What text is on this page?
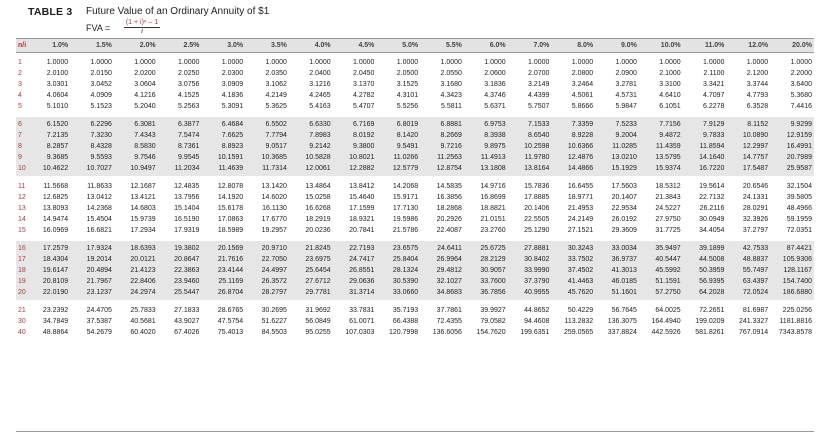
TABLE 3 Future Value of an Ordinary Annuity of $1
FVA =
(1 + i)ⁿ – 1
i
n/i	1.0%	1.5%	2.0%	2.5%	3.0%	3.5%	4.0%	4.5%	5.0%	5.5%	6.0%	7.0%	8.0%	9.0%	10.0%	11.0%	12.0%	20.0%

1	1.0000	1.0000	1.0000	1.0000	1.0000	1.0000	1.0000	1.0000	1.0000	1.0000	1.0000	1.0000	1.0000	1.0000	1.0000	1.0000	1.0000	1.0000
2	2.0100	2.0150	2.0200	2.0250	2.0300	2.0350	2.0400	2.0450	2.0500	2.0550	2.0600	2.0700	2.0800	2.0900	2.1000	2.1100	2.1200	2.2000
3	3.0301	3.0452	3.0604	3.0756	3.0909	3.1062	3.1216	3.1370	3.1525	3.1680	3.1836	3.2149	3.2464	3.2781	3.3100	3.3421	3.3744	3.6400
4	4.0604	4.0909	4.1216	4.1525	4.1836	4.2149	4.2465	4.2782	4.3101	4.3423	4.3746	4.4399	4.5061	4.5731	4.6410	4.7097	4.7793	5.3680
5	5.1010	5.1523	5.2040	5.2563	5.3091	5.3625	5.4163	5.4707	5.5256	5.5811	5.6371	5.7507	5.8666	5.9847	6.1051	6.2278	6.3528	7.4416

6	6.1520	6.2296	6.3081	6.3877	6.4684	6.5502	6.6330	6.7169	6.8019	6.8881	6.9753	7.1533	7.3359	7.5233	7.7156	7.9129	8.1152	9.9299
7	7.2135	7.3230	7.4343	7.5474	7.6625	7.7794	7.8983	8.0192	8.1420	8.2669	8.3938	8.6540	8.9228	9.2004	9.4872	9.7833	10.0890	12.9159
8	8.2857	8.4328	8.5830	8.7361	8.8923	9.0517	9.2142	9.3800	9.5491	9.7216	9.8975	10.2598	10.6366	11.0285	11.4359	11.8594	12.2997	16.4991
9	9.3685	9.5593	9.7546	9.9545	10.1591	10.3685	10.5828	10.8021	11.0266	11.2563	11.4913	11.9780	12.4876	13.0210	13.5795	14.1640	14.7757	20.7989
10	10.4622	10.7027	10.9497	11.2034	11.4639	11.7314	12.0061	12.2882	12.5779	12.8754	13.1808	13.8164	14.4866	15.1929	15.9374	16.7220	17.5487	25.9587

11	11.5668	11.8633	12.1687	12.4835	12.8078	13.1420	13.4864	13.8412	14.2068	14.5835	14.9716	15.7836	16.6455	17.5603	18.5312	19.5614	20.6546	32.1504
12	12.6825	13.0412	13.4121	13.7956	14.1920	14.6020	15.0258	15.4640	15.9171	16.3856	16.8699	17.8885	18.9771	20.1407	21.3843	22.7132	24.1331	39.5805
13	13.8093	14.2368	14.6803	15.1404	15.6178	16.1130	16.6268	17.1599	17.7130	18.2868	18.8821	20.1406	21.4953	22.9534	24.5227	26.2116	28.0291	48.4966
14	14.9474	15.4504	15.9739	16.5190	17.0863	17.6770	18.2919	18.9321	19.5986	20.2926	21.0151	22.5505	24.2149	26.0192	27.9750	30.0949	32.3926	59.1959
15	16.0969	16.6821	17.2934	17.9319	18.5989	19.2957	20.0236	20.7841	21.5786	22.4087	23.2760	25.1290	27.1521	29.3609	31.7725	34.4054	37.2797	72.0351

16	17.2579	17.9324	18.6393	19.3802	20.1569	20.9710	21.8245	22.7193	23.6575	24.6411	25.6725	27.8881	30.3243	33.0034	35.9497	39.1899	42.7533	87.4421
17	18.4304	19.2014	20.0121	20.8647	21.7616	22.7050	23.6975	24.7417	25.8404	26.9964	28.2129	30.8402	33.7502	36.9737	40.5447	44.5008	48.8837	105.9306
18	19.6147	20.4894	21.4123	22.3863	23.4144	24.4997	25.6454	26.8551	28.1324	29.4812	30.9057	33.9990	37.4502	41.3013	45.5992	50.3959	55.7497	128.1167
19	20.8109	21.7967	22.8406	23.9460	25.1169	26.3572	27.6712	29.0636	30.5390	32.1027	33.7600	37.3790	41.4463	46.0185	51.1591	56.9395	63.4397	154.7400
20	22.0190	23.1237	24.2974	25.5447	26.8704	28.2797	29.7781	31.3714	33.0660	34.8683	36.7856	40.9955	45.7620	51.1601	57.2750	64.2028	72.0524	186.6880

21	23.2392	24.4705	25.7833	27.1833	28.6765	30.2695	31.9692	33.7831	35.7193	37.7861	39.9927	44.8652	50.4229	56.7645	64.0025	72.2651	81.6987	225.0256
30	34.7849	37.5387	40.5681	43.9027	47.5754	51.6227	56.0849	61.0071	66.4388	72.4355	79.0582	94.4608	113.2832	136.3075	164.4940	199.0209	241.3327	1181.8816
40	48.8864	54.2679	60.4020	67.4026	75.4013	84.5503	95.0255	107.0303	120.7998	136.6056	154.7620	199.6351	259.0565	337.8824	442.5926	581.8261	767.0914	7343.8578
